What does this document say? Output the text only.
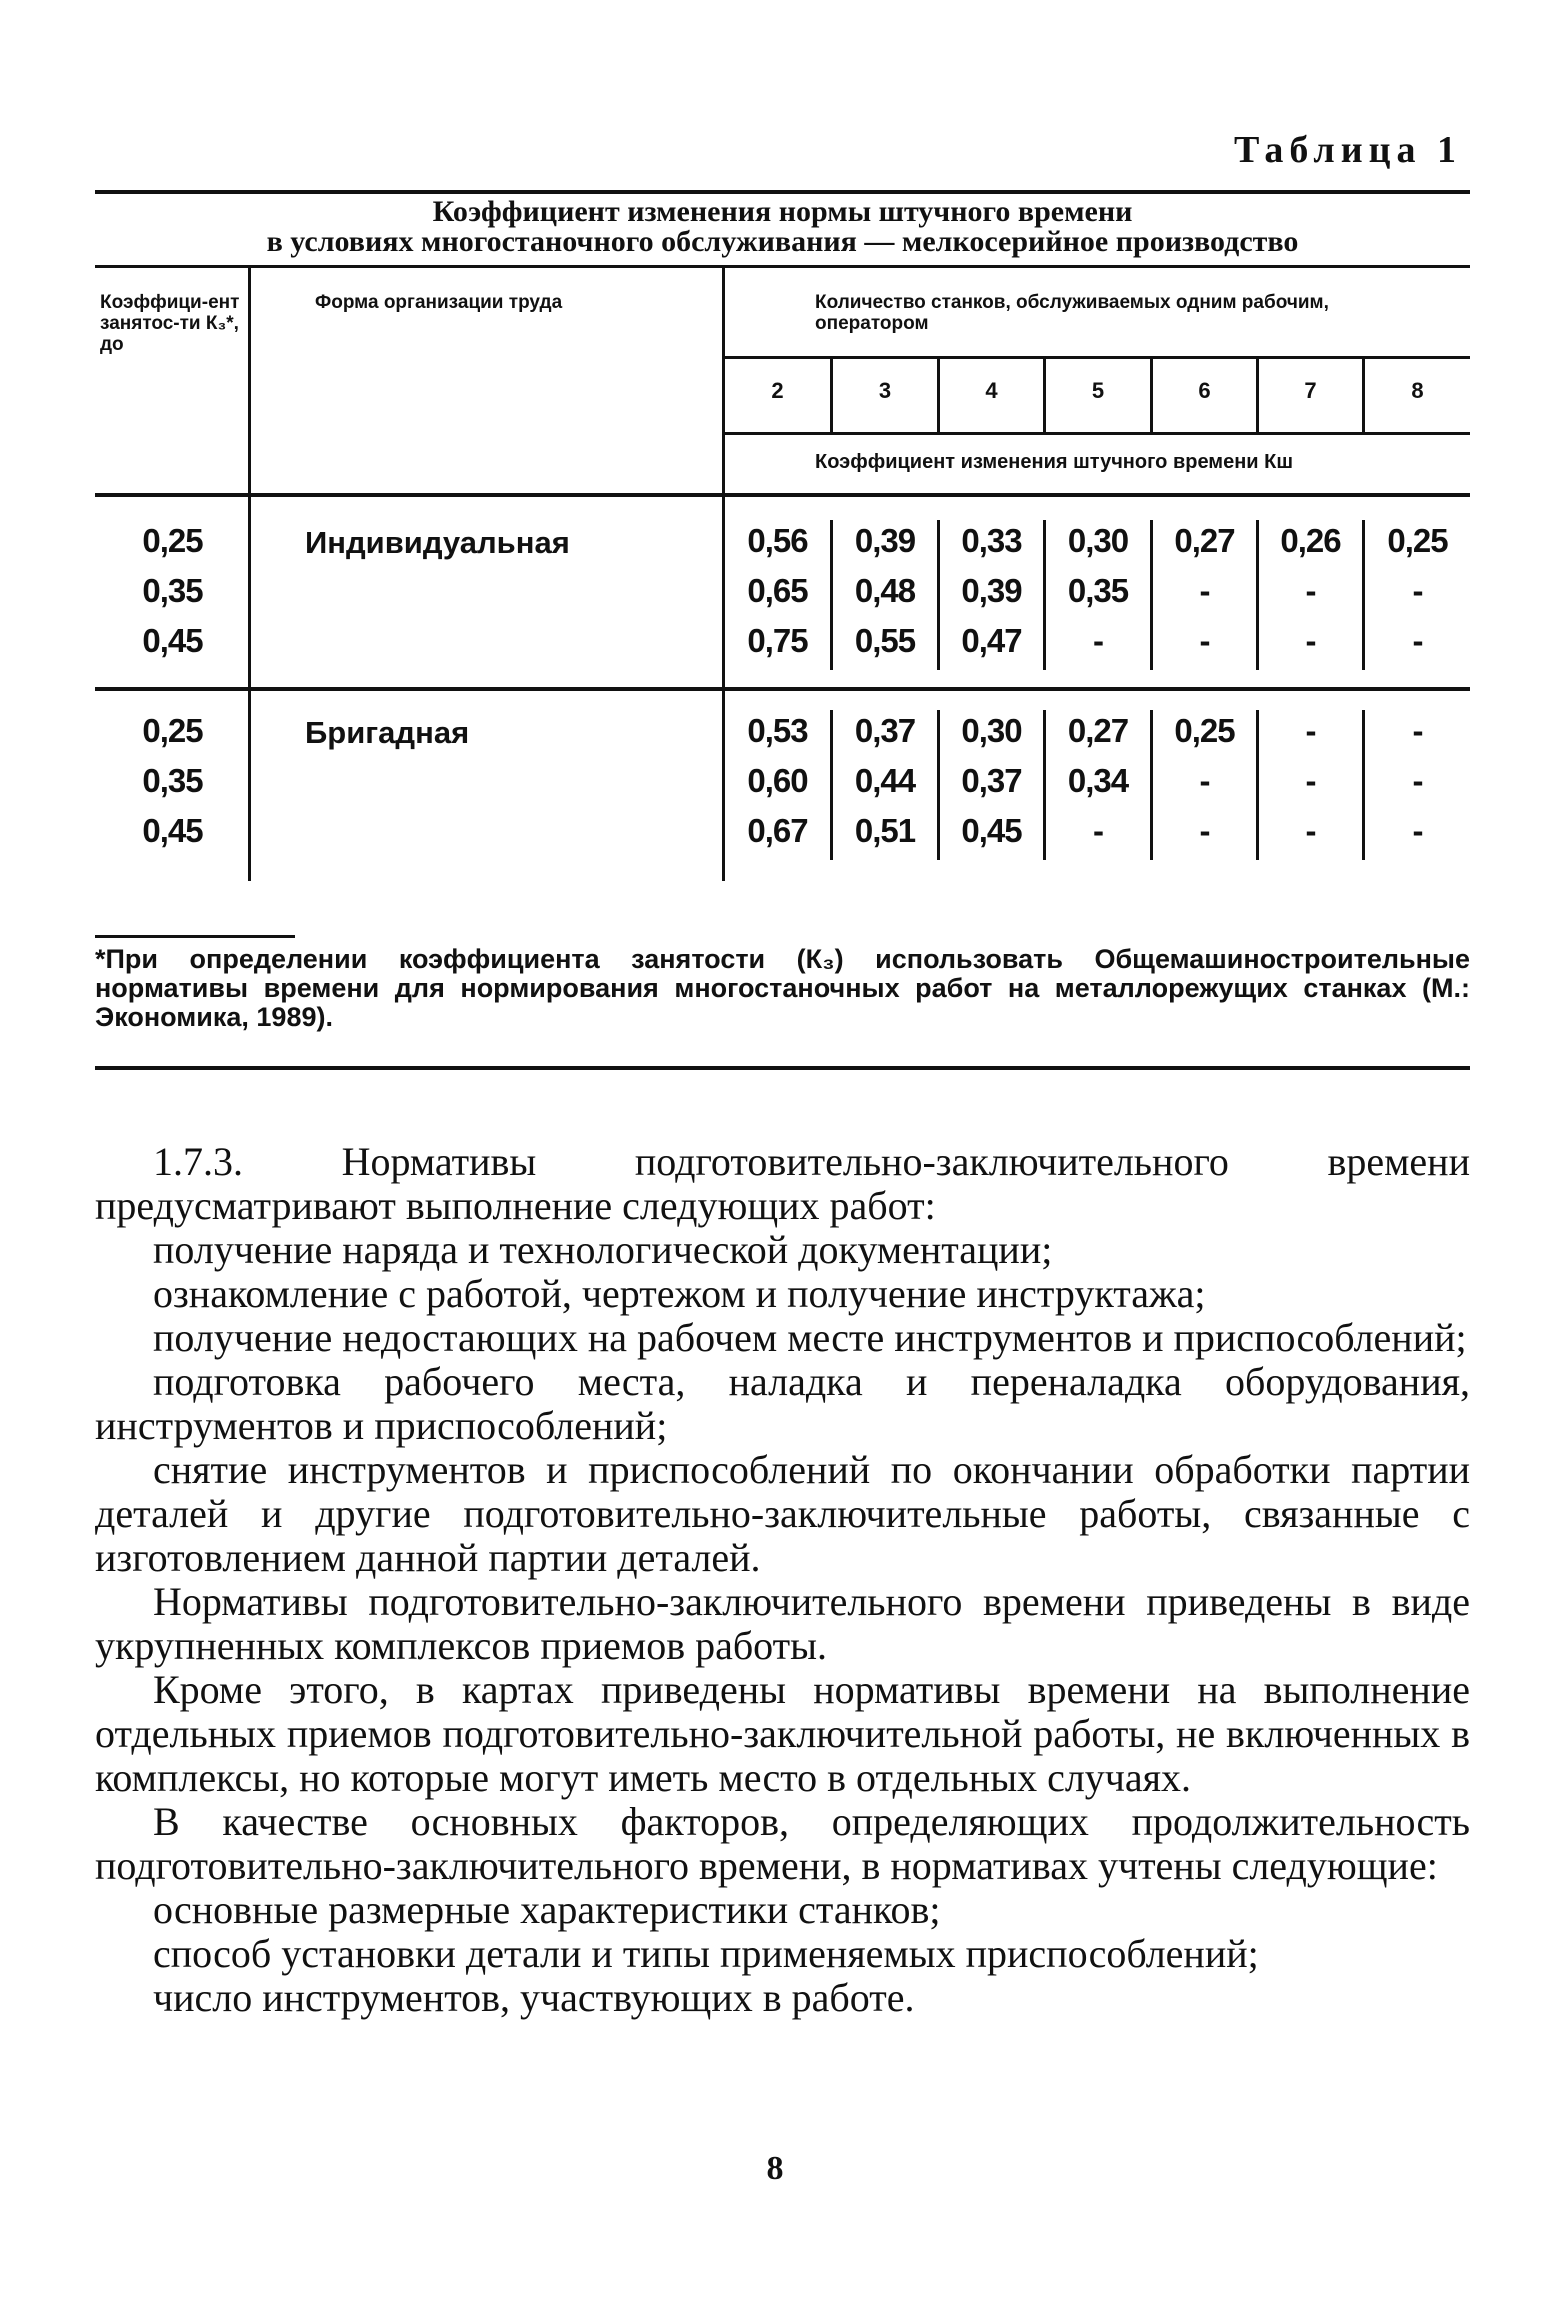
Таблица 1
Коэффициент изменения нормы штучного времени
в условиях многостаночного обслуживания — мелкосерийное производство
Коэффици-ент занятос-ти К₃*, до
Форма организации труда	Количество станков, обслуживаемых одним рабочим, оператором
2	3	4	5	6	7	8
Коэффициент изменения штучного времени Кш
Индивидуальная
0,25	0,56	0,39	0,33	0,30	0,27	0,26	0,25
0,35	0,65	0,48	0,39	0,35	-	-	-
0,45	0,75	0,55	0,47	-	-	-	-
Бригадная
0,25	0,53	0,37	0,30	0,27	0,25	-	-
0,35	0,60	0,44	0,37	0,34	-	-	-
0,45	0,67	0,51	0,45	-	-	-	-
*При определении коэффициента занятости (К₃) использовать Общемашиностроительные нормативы времени для нормирования многостаночных работ на металлорежущих станках (М.: Экономика, 1989).

1.7.3. Нормативы подготовительно-заключительного времени предусматривают выполнение следующих работ:

получение наряда и технологической документации;

ознакомление с работой, чертежом и получение инструктажа;

получение недостающих на рабочем месте инструментов и приспособлений;

подготовка рабочего места, наладка и переналадка оборудования, инструментов и приспособлений;

снятие инструментов и приспособлений по окончании обработки партии деталей и другие подготовительно-заключительные работы, связанные с изготовлением данной партии деталей.

Нормативы подготовительно-заключительного времени приведены в виде укрупненных комплексов приемов работы.

Кроме этого, в картах приведены нормативы времени на выполнение отдельных приемов подготовительно-заключительной работы, не включенных в комплексы, но которые могут иметь место в отдельных случаях.

В качестве основных факторов, определяющих продолжительность подготовительно-заключительного времени, в нормативах учтены следующие:

основные размерные характеристики станков;

способ установки детали и типы применяемых приспособлений;

число инструментов, участвующих в работе.

8
